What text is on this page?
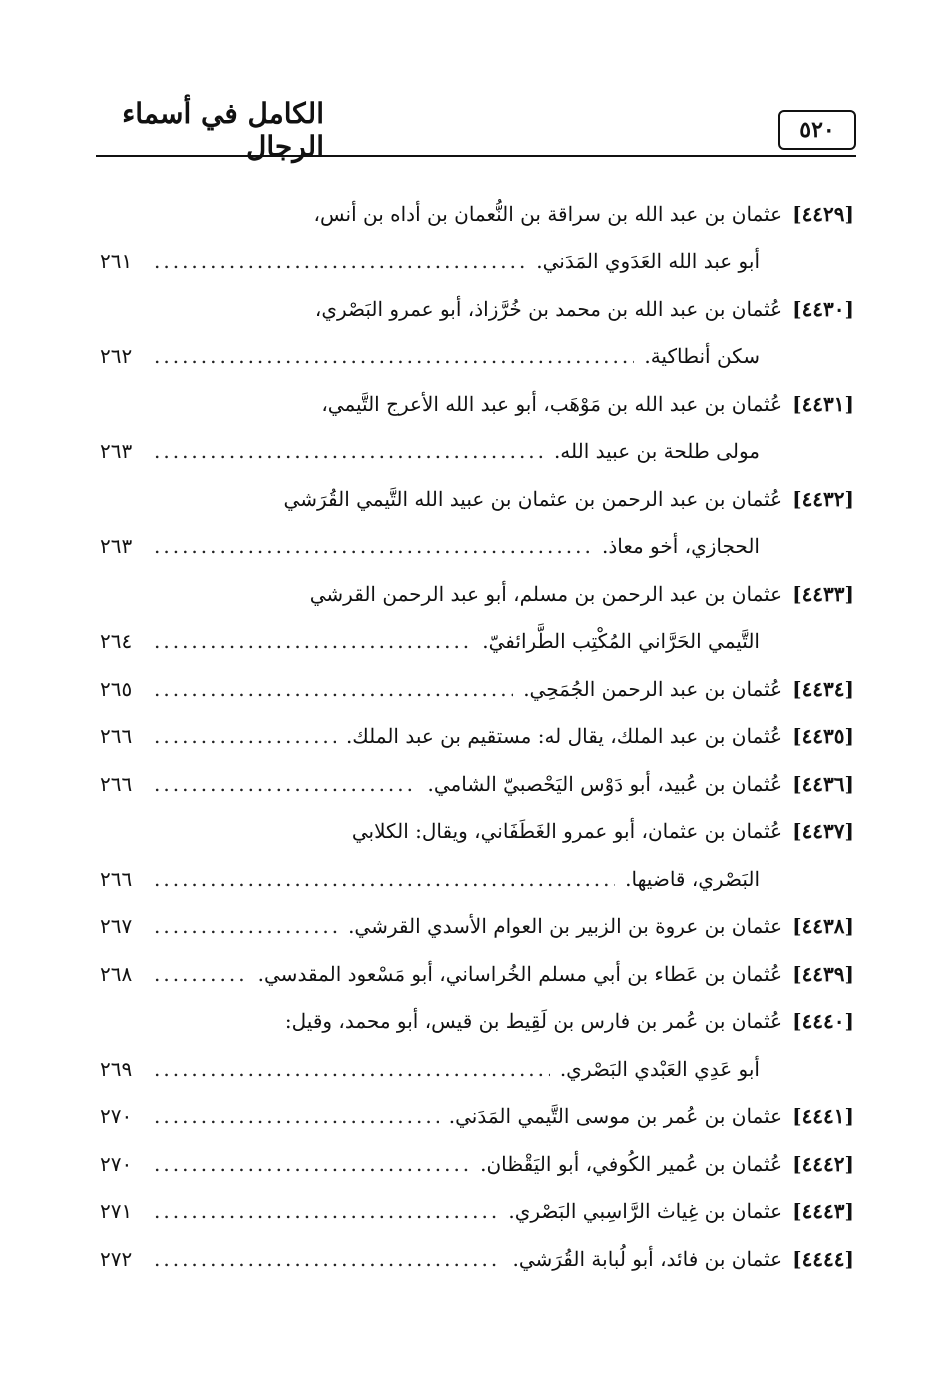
٥٢٠
الكامل في أسماء الرجال
[٤٤٢٩]
عثمان بن عبد الله بن سراقة بن النُّعمان بن أداه بن أنس،
أبو عبد الله العَدَوي المَدَني.
.....
٢٦١
[٤٤٣٠]
عُثمان بن عبد الله بن محمد بن خُرَّزاذ، أبو عمرو البَصْري،
سكن أنطاكية.
.....
٢٦٢
[٤٤٣١]
عُثمان بن عبد الله بن مَوْهَب، أبو عبد الله الأعرج التَّيمي،
مولى طلحة بن عبيد الله.
.....
٢٦٣
[٤٤٣٢]
عُثمان بن عبد الرحمن بن عثمان بن عبيد الله التَّيمي القُرَشي
الحجازي، أخو معاذ.
.....
٢٦٣
[٤٤٣٣]
عثمان بن عبد الرحمن بن مسلم، أبو عبد الرحمن القرشي
التَّيمي الحَرَّاني المُكْتِب الطَّرائفيّ.
.....
٢٦٤
[٤٤٣٤]
عُثمان بن عبد الرحمن الجُمَحِي.
.....
٢٦٥
[٤٤٣٥]
عُثمان بن عبد الملك، يقال له: مستقيم بن عبد الملك.
.....
٢٦٦
[٤٤٣٦]
عُثمان بن عُبيد، أبو دَوْس اليَحْصبيّ الشامي.
.....
٢٦٦
[٤٤٣٧]
عُثمان بن عثمان، أبو عمرو الغَطَفَاني، ويقال: الكلابي
البَصْري، قاضيها.
.....
٢٦٦
[٤٤٣٨]
عثمان بن عروة بن الزبير بن العوام الأسدي القرشي.
.....
٢٦٧
[٤٤٣٩]
عُثمان بن عَطاء بن أبي مسلم الخُراساني، أبو مَسْعود المقدسي.
.....
٢٦٨
[٤٤٤٠]
عُثمان بن عُمر بن فارس بن لَقِيط بن قيس، أبو محمد، وقيل:
أبو عَدِي العَبْدي البَصْري.
.....
٢٦٩
[٤٤٤١]
عثمان بن عُمر بن موسى التَّيمي المَدَني.
.....
٢٧٠
[٤٤٤٢]
عُثمان بن عُمير الكُوفي، أبو اليَقْظان.
.....
٢٧٠
[٤٤٤٣]
عثمان بن غِياث الرَّاسِبي البَصْري.
.....
٢٧١
[٤٤٤٤]
عثمان بن فائد، أبو لُبابة القُرَشي.
.....
٢٧٢
